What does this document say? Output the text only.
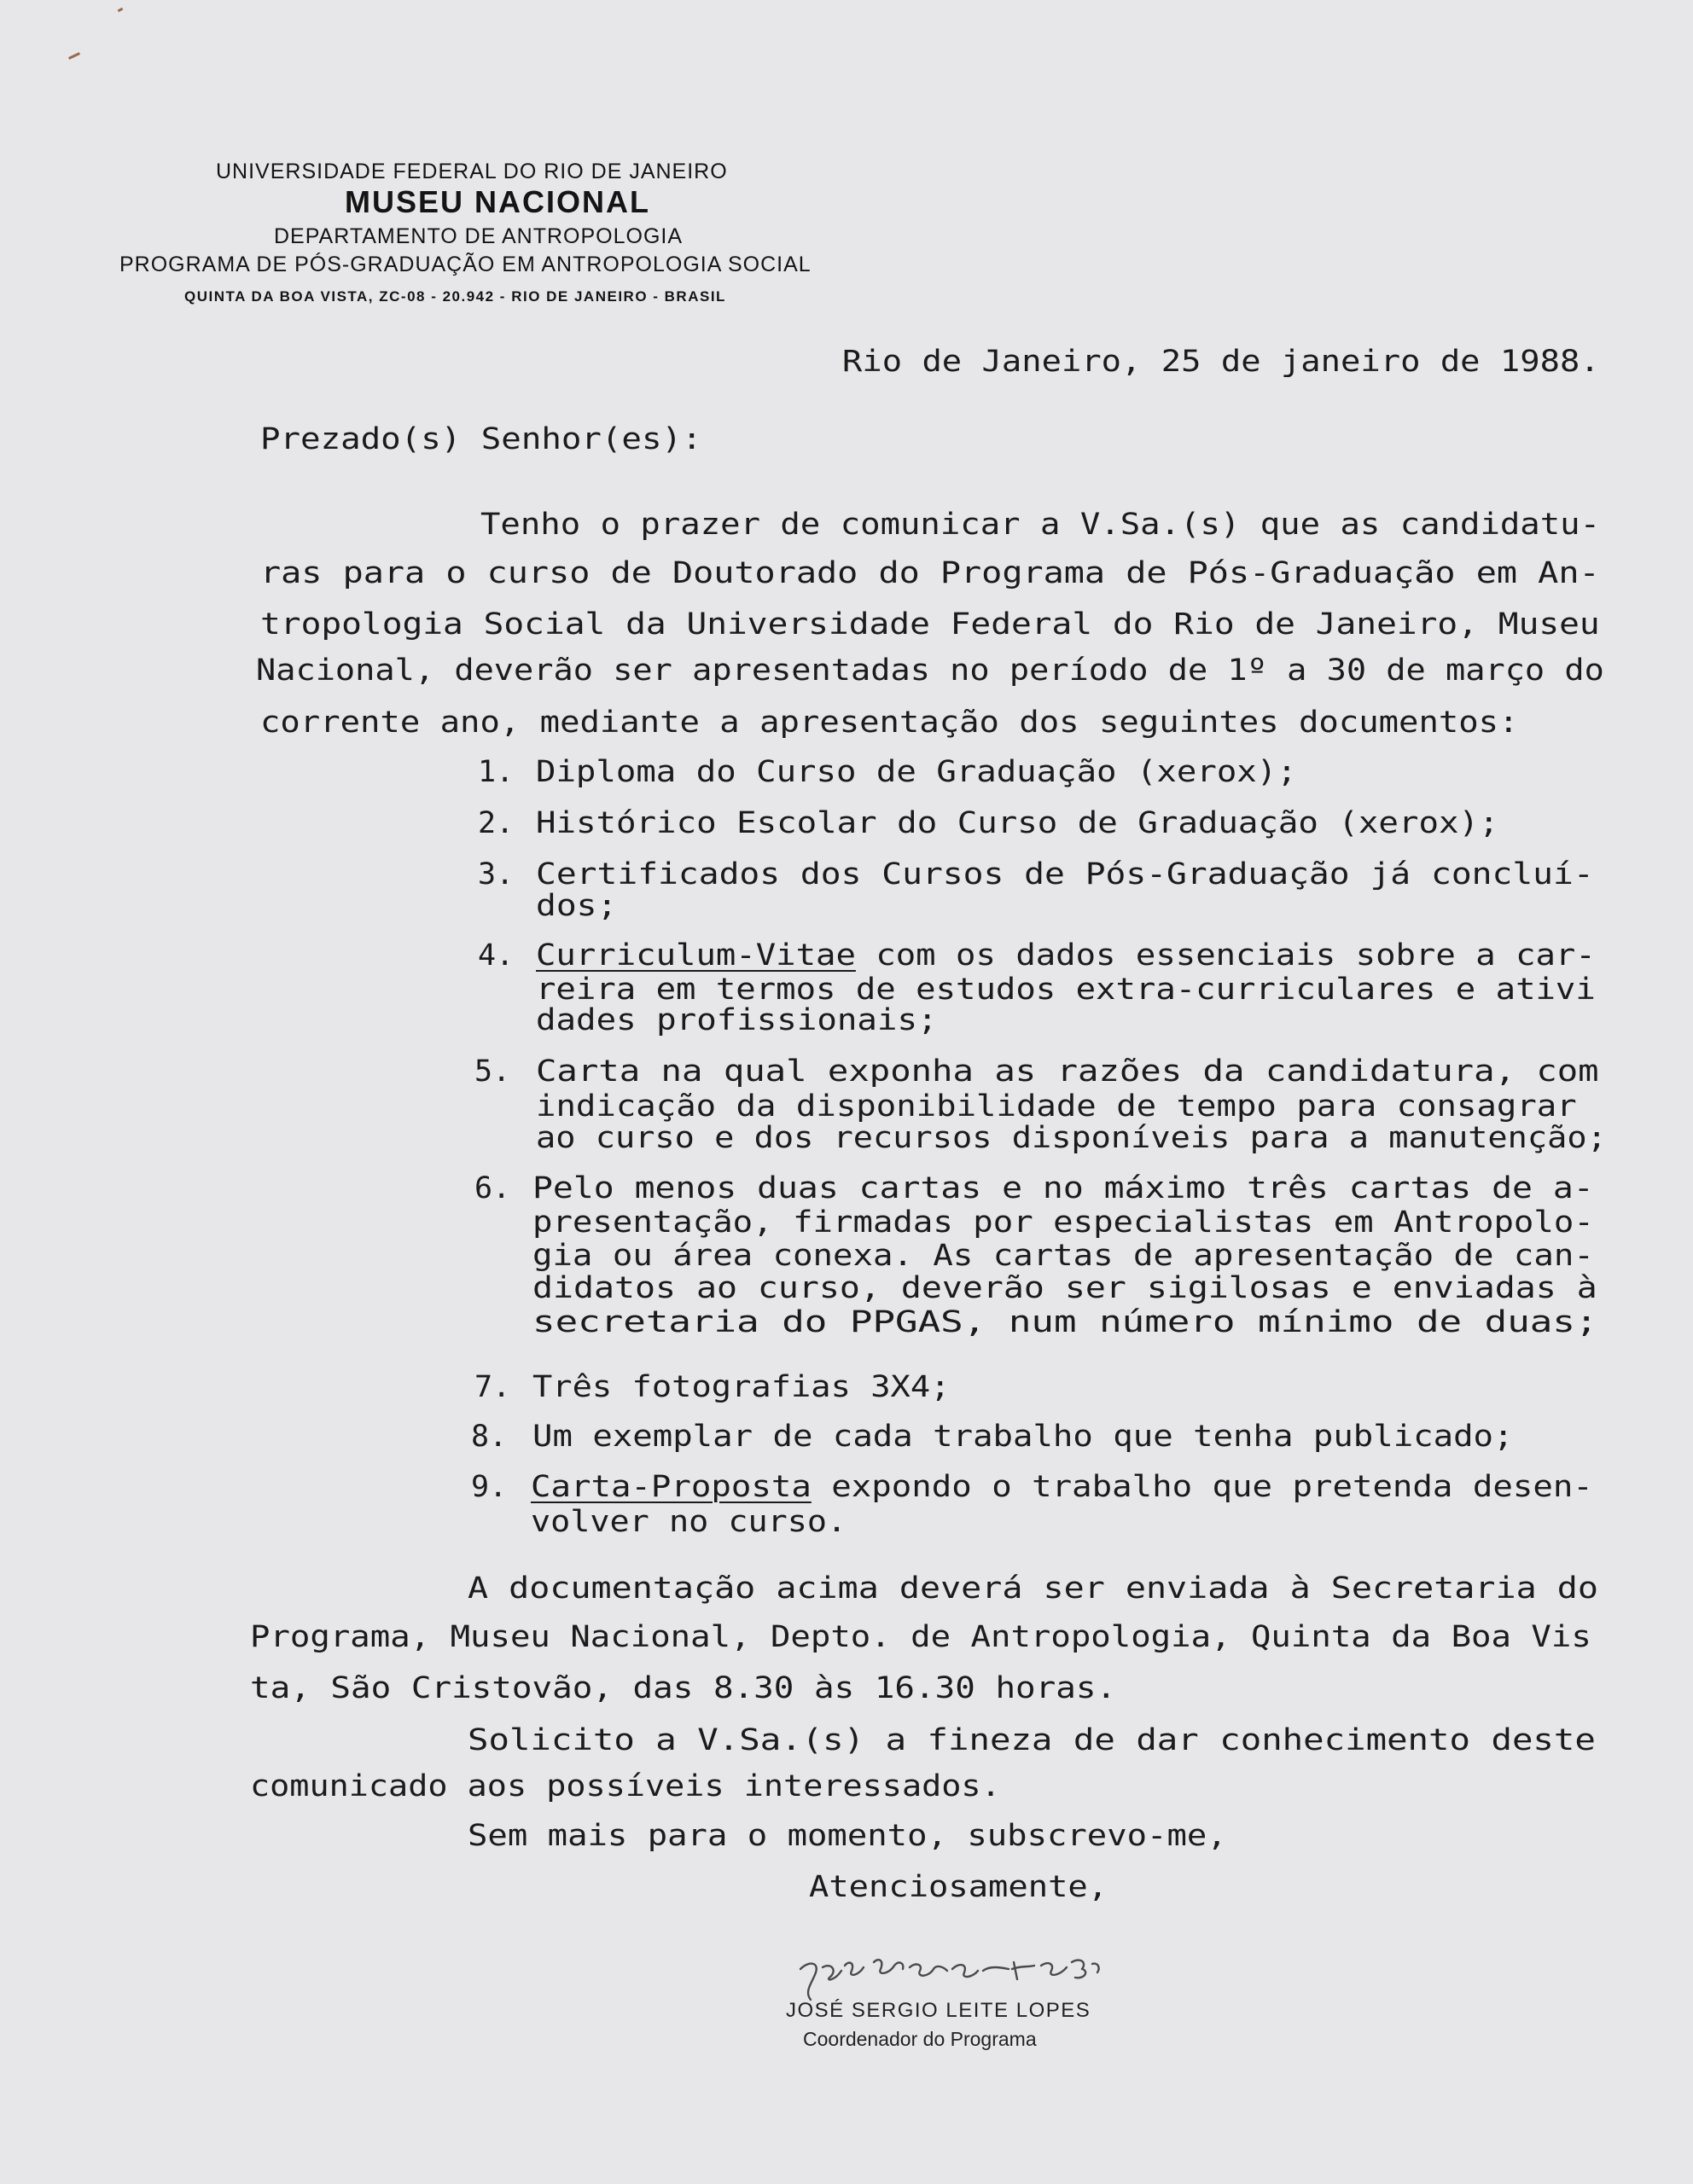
UNIVERSIDADE FEDERAL DO RIO DE JANEIRO
MUSEU NACIONAL
DEPARTAMENTO DE ANTROPOLOGIA
PROGRAMA DE PÓS-GRADUAÇÃO EM ANTROPOLOGIA SOCIAL
QUINTA DA BOA VISTA, ZC-08 - 20.942 - RIO DE JANEIRO - BRASIL
Rio de Janeiro, 25 de janeiro de 1988.
Prezado(s) Senhor(es):
Tenho o prazer de comunicar a V.Sa.(s) que as candidatu-
ras para o curso de Doutorado do Programa de Pós-Graduação em An-
tropologia Social da Universidade Federal do Rio de Janeiro, Museu
Nacional, deverão ser apresentadas no período de 1º a 30 de março do
corrente ano, mediante a apresentação dos seguintes documentos:
1. Diploma do Curso de Graduação (xerox);
2. Histórico Escolar do Curso de Graduação (xerox);
3. Certificados dos Cursos de Pós-Graduação já concluí-
dos;
4. Curriculum-Vitae com os dados essenciais sobre a car-
reira em termos de estudos extra-curriculares e ativi
dades profissionais;
5. Carta na qual exponha as razões da candidatura, com
indicação da disponibilidade de tempo para consagrar
ao curso e dos recursos disponíveis para a manutenção;
6. Pelo menos duas cartas e no máximo três cartas de a-
presentação, firmadas por especialistas em Antropolo-
gia ou área conexa. As cartas de apresentação de can-
didatos ao curso, deverão ser sigilosas e enviadas à
secretaria do PPGAS, num número mínimo de duas;
7. Três fotografias 3X4;
8. Um exemplar de cada trabalho que tenha publicado;
9. Carta-Proposta expondo o trabalho que pretenda desen-
volver no curso.
A documentação acima deverá ser enviada à Secretaria do
Programa, Museu Nacional, Depto. de Antropologia, Quinta da Boa Vis
ta, São Cristovão, das 8.30 às 16.30 horas.
Solicito a V.Sa.(s) a fineza de dar conhecimento deste
comunicado aos possíveis interessados.
Sem mais para o momento, subscrevo-me,
Atenciosamente,
JOSÉ SERGIO LEITE LOPES
Coordenador do Programa
